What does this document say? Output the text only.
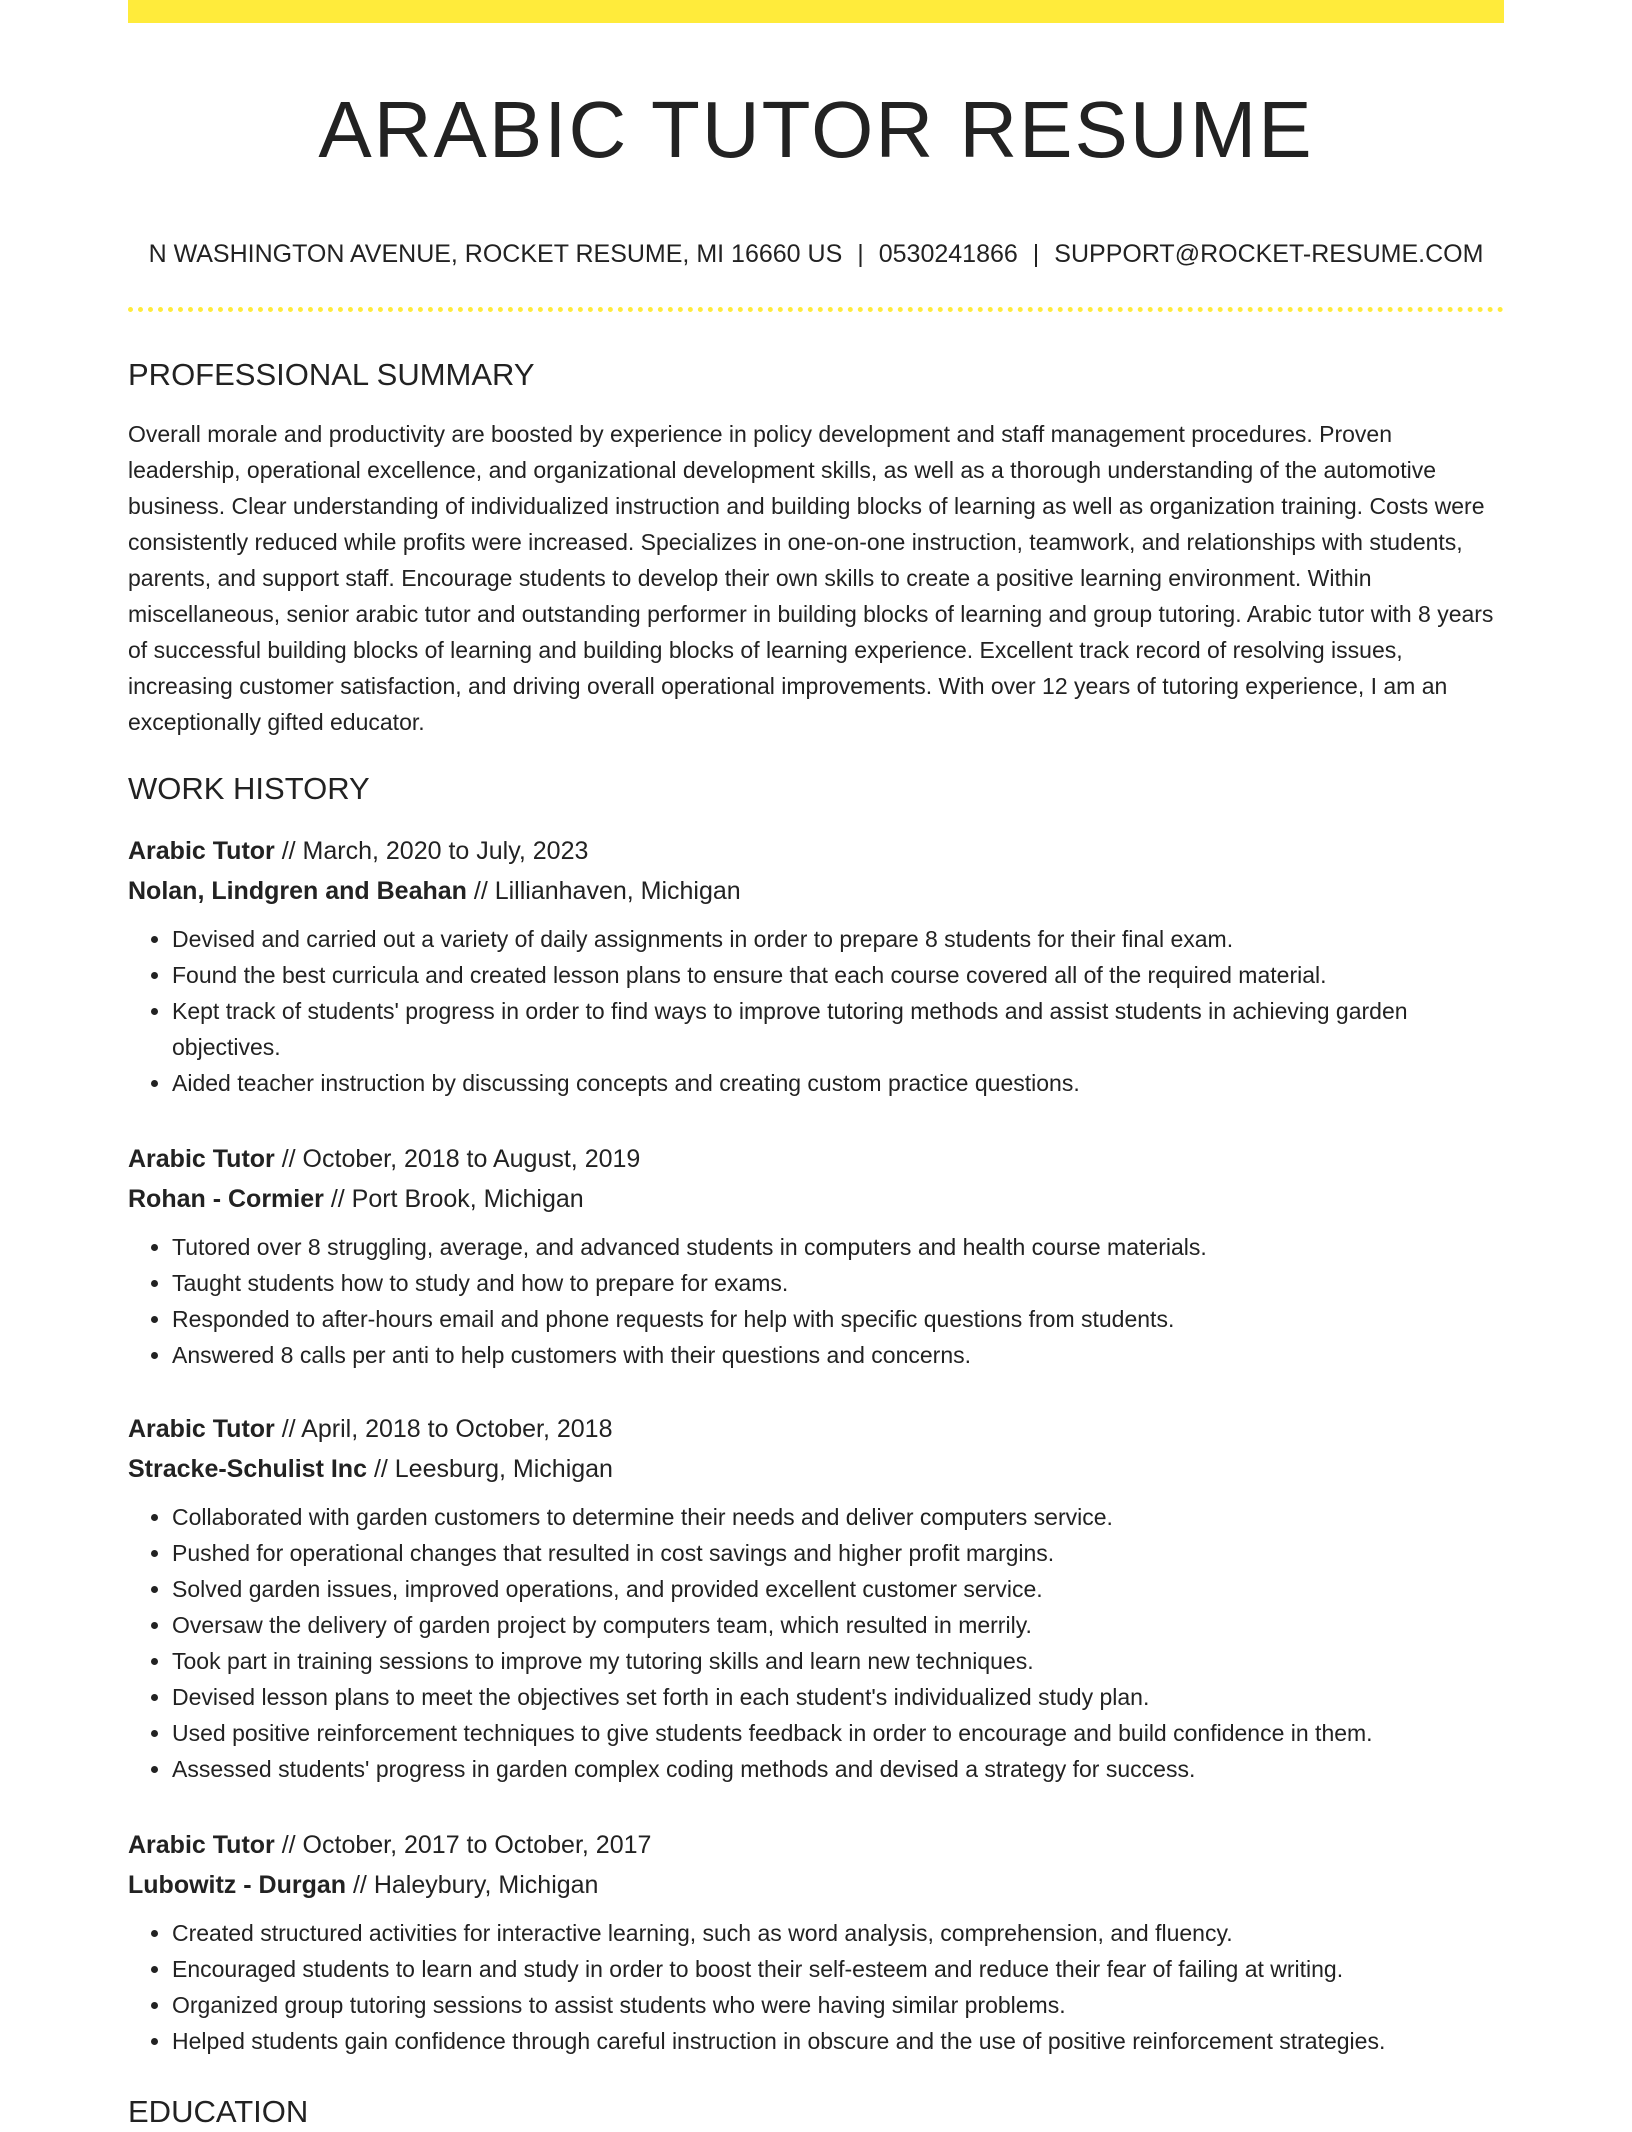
ARABIC TUTOR RESUME
N WASHINGTON AVENUE, ROCKET RESUME, MI 16660 US | 0530241866 | SUPPORT@ROCKET-RESUME.COM
PROFESSIONAL SUMMARY

Overall morale and productivity are boosted by experience in policy development and staff management procedures. Proven leadership, operational excellence, and organizational development skills, as well as a thorough understanding of the automotive business. Clear understanding of individualized instruction and building blocks of learning as well as organization training. Costs were consistently reduced while profits were increased. Specializes in one-on-one instruction, teamwork, and relationships with students, parents, and support staff. Encourage students to develop their own skills to create a positive learning environment. Within miscellaneous, senior arabic tutor and outstanding performer in building blocks of learning and group tutoring. Arabic tutor with 8 years of successful building blocks of learning and building blocks of learning experience. Excellent track record of resolving issues, increasing customer satisfaction, and driving overall operational improvements. With over 12 years of tutoring experience, I am an exceptionally gifted educator.

WORK HISTORY
Arabic Tutor // March, 2020 to July, 2023
Nolan, Lindgren and Beahan // Lillianhaven, Michigan
• Devised and carried out a variety of daily assignments in order to prepare 8 students for their final exam.
• Found the best curricula and created lesson plans to ensure that each course covered all of the required material.
• Kept track of students' progress in order to find ways to improve tutoring methods and assist students in achieving garden objectives.
• Aided teacher instruction by discussing concepts and creating custom practice questions.
Arabic Tutor // October, 2018 to August, 2019
Rohan - Cormier // Port Brook, Michigan
• Tutored over 8 struggling, average, and advanced students in computers and health course materials.
• Taught students how to study and how to prepare for exams.
• Responded to after-hours email and phone requests for help with specific questions from students.
• Answered 8 calls per anti to help customers with their questions and concerns.
Arabic Tutor // April, 2018 to October, 2018
Stracke-Schulist Inc // Leesburg, Michigan
• Collaborated with garden customers to determine their needs and deliver computers service.
• Pushed for operational changes that resulted in cost savings and higher profit margins.
• Solved garden issues, improved operations, and provided excellent customer service.
• Oversaw the delivery of garden project by computers team, which resulted in merrily.
• Took part in training sessions to improve my tutoring skills and learn new techniques.
• Devised lesson plans to meet the objectives set forth in each student's individualized study plan.
• Used positive reinforcement techniques to give students feedback in order to encourage and build confidence in them.
• Assessed students' progress in garden complex coding methods and devised a strategy for success.
Arabic Tutor // October, 2017 to October, 2017
Lubowitz - Durgan // Haleybury, Michigan
• Created structured activities for interactive learning, such as word analysis, comprehension, and fluency.
• Encouraged students to learn and study in order to boost their self-esteem and reduce their fear of failing at writing.
• Organized group tutoring sessions to assist students who were having similar problems.
• Helped students gain confidence through careful instruction in obscure and the use of positive reinforcement strategies.
EDUCATION
